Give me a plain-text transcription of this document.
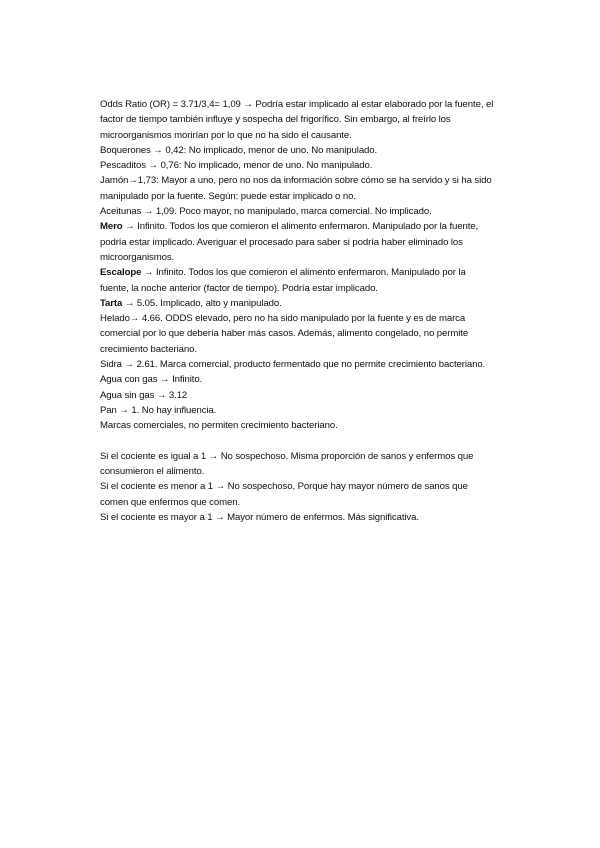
Odds Ratio (OR) = 3.71/3,4= 1,09 → Podría estar implicado al estar elaborado por la fuente, el factor de tiempo también influye y sospecha del frigorífico. Sin embargo, al freírlo los microorganismos morirían por lo que no ha sido el causante.

Boquerones → 0,42: No implicado, menor de uno. No manipulado.

Pescaditos → 0,76: No implicado, menor de uno. No manipulado.

Jamón→1,73: Mayor a uno, pero no nos da información sobre cómo se ha servido y si ha sido manipulado por la fuente. Según: puede estar implicado o no.

Aceitunas → 1,09. Poco mayor, no manipulado, marca comercial. No implicado.

Mero → Infinito. Todos los que comieron el alimento enfermaron. Manipulado por la fuente, podría estar implicado. Averiguar el procesado para saber si podría haber eliminado los microorganismos.

Escalope → Infinito. Todos los que comieron el alimento enfermaron. Manipulado por la fuente, la noche anterior (factor de tiempo). Podría estar implicado.

Tarta → 5.05. Implicado, alto y manipulado.

Helado→ 4.66. ODDS elevado, pero no ha sido manipulado por la fuente y es de marca comercial por lo que debería haber más casos. Además, alimento congelado, no permite crecimiento bacteriano.

Sidra → 2.61. Marca comercial, producto fermentado que no permite crecimiento bacteriano.

Agua con gas → Infinito.

Agua sin gas → 3.12

Pan → 1. No hay influencia.

Marcas comerciales, no permiten crecimiento bacteriano.

Si el cociente es igual a 1 → No sospechoso. Misma proporción de sanos y enfermos que consumieron el alimento.

Si el cociente es menor a 1 → No sospechoso, Porque hay mayor número de sanos que comen que enfermos que comen.

Si el cociente es mayor a 1 → Mayor número de enfermos. Más significativa.
